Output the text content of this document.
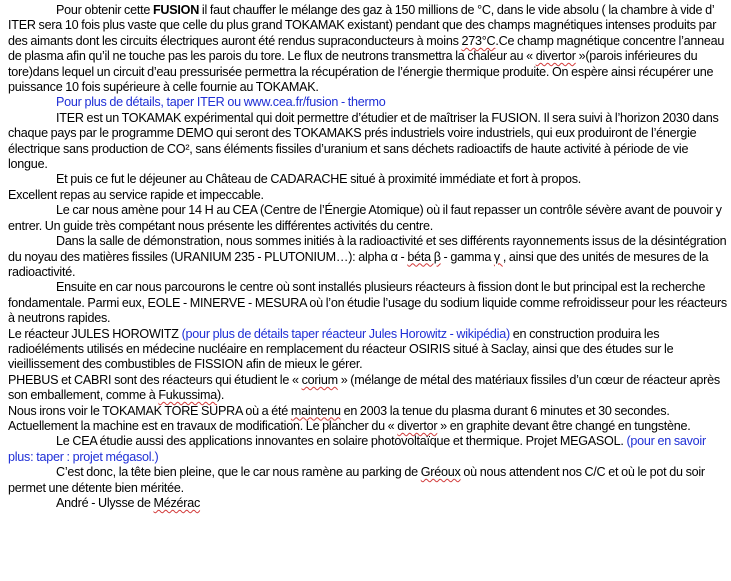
Pour obtenir cette FUSION il faut chauffer le mélange des gaz à 150 millions de °C, dans le vide absolu ( la chambre à vide d’ ITER sera 10 fois plus vaste que celle du plus grand TOKAMAK existant) pendant que des champs magnétiques intenses produits par des aimants dont les circuits électriques auront été rendus supraconducteurs à moins 273°C.Ce champ magnétique concentre l’anneau de plasma afin qu’il ne touche pas les parois du tore. Le flux de neutrons transmettra la chaleur au « divertor »(parois inférieures du tore)dans lequel un circuit d’eau pressurisée permettra la récupération de l’énergie thermique produite. On espère ainsi récupérer une puissance 10 fois supérieure à celle fournie au TOKAMAK.

Pour plus de détails, taper ITER ou www.cea.fr/fusion - thermo

ITER est un TOKAMAK expérimental qui doit permettre d’étudier et de maîtriser la FUSION. Il sera suivi à l’horizon 2030 dans chaque pays par le programme DEMO qui seront des TOKAMAKS prés industriels voire industriels, qui eux produiront de l’énergie électrique sans production de CO², sans éléments fissiles d’uranium et sans déchets radioactifs de haute activité à période de vie longue.

Et puis ce fut le déjeuner au Château de CADARACHE situé à proximité immédiate et fort à propos.

Excellent repas au service rapide et impeccable.

Le car nous amène pour 14 H au CEA (Centre de l’Énergie Atomique) où il faut repasser un contrôle sévère avant de pouvoir y entrer. Un guide très compétant nous présente les différentes activités du centre.

Dans la salle de démonstration, nous sommes initiés à la radioactivité et ses différents rayonnements issus de la désintégration du noyau des matières fissiles (URANIUM 235 - PLUTONIUM…): alpha α - béta β - gamma γ , ainsi que des unités de mesures de la radioactivité.

Ensuite en car nous parcourons le centre où sont installés plusieurs réacteurs à fission dont le but principal est la recherche fondamentale. Parmi eux, EOLE - MINERVE - MESURA où l’on étudie l’usage du sodium liquide comme refroidisseur pour les réacteurs à neutrons rapides.

Le réacteur JULES HOROWITZ (pour plus de détails taper réacteur Jules Horowitz - wikipédia) en construction produira les radioéléments utilisés en médecine nucléaire en remplacement du réacteur OSIRIS situé à Saclay, ainsi que des études sur le vieillissement des combustibles de FISSION afin de mieux le gérer.

PHEBUS et CABRI sont des réacteurs qui étudient le « corium » (mélange de métal des matériaux fissiles d’un cœur de réacteur après son emballement, comme à Fukussima).

Nous irons voir le TOKAMAK TORE SUPRA où a été maintenu en 2003 la tenue du plasma durant 6 minutes et 30 secondes. Actuellement la machine est en travaux de modification. Le plancher du « divertor » en graphite devant être changé en tungstène.

Le CEA étudie aussi des applications innovantes en solaire photovoltaïque et thermique. Projet MEGASOL. (pour en savoir plus: taper : projet mégasol.)

C’est donc, la tête bien pleine, que le car nous ramène au parking de Gréoux où nous attendent nos C/C et où le pot du soir permet une détente bien méritée.

André - Ulysse de Mézérac
